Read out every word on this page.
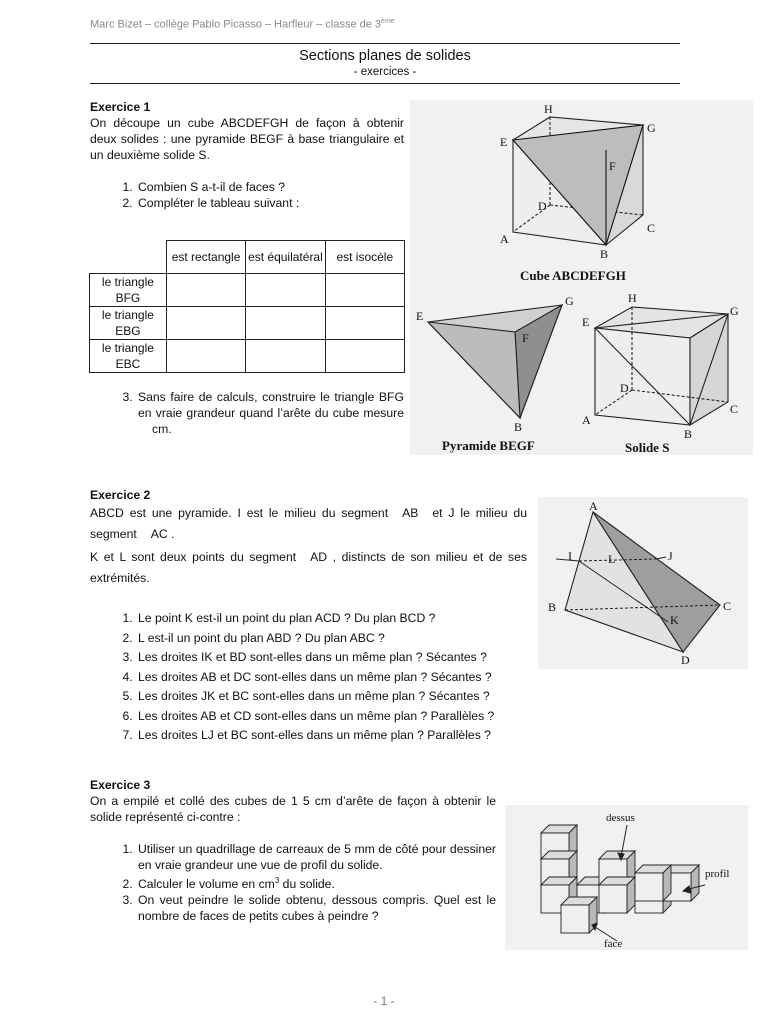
Marc Bizet – collège Pablo Picasso – Harfleur – classe de 3ème
Sections planes de solides
- exercices -
Exercice 1
On découpe un cube ABCDEFGH de façon à obtenir deux solides : une pyramide BEGF à base triangulaire et un deuxième solide S.
1. Combien S a-t-il de faces ?
2. Compléter le tableau suivant :
	est rectangle	est équilatéral	est isocèle
le triangle BFG			
le triangle EBG			
le triangle EBC			
3. Sans faire de calculs, construire le triangle BFG en vraie grandeur quand l’arête du cube mesurecm.
H
G
E
F
D
C
A
B
G
E
F
B
H
G
E
D
C
A
B
Cube ABCDEFGH
Pyramide BEGF	Solide S
Exercice 2
ABCD est une pyramide. I est le milieu du segment AB et J le milieu du segment AC .
K et L sont deux points du segment AD , distincts de son milieu et de ses extrémités.
1. Le point K est-il un point du plan ACD ? Du plan BCD ?
2. L est-il un point du plan ABD ? Du plan ABC ?
3. Les droites IK et BD sont-elles dans un même plan ? Sécantes ?
4. Les droites AB et DC sont-elles dans un même plan ? Sécantes ?
5. Les droites JK et BC sont-elles dans un même plan ? Sécantes ?
6. Les droites AB et CD sont-elles dans un même plan ? Parallèles ?
7. Les droites LJ et BC sont-elles dans un même plan ? Parallèles ?
A
B	C
D
I	J
K
L
Exercice 3
On a empilé et collé des cubes de 1 5 cm d’arête de façon à obtenir le solide représenté ci-contre :
1. Utiliser un quadrillage de carreaux de 5 mm de côté pour dessiner en vraie grandeur une vue de profil du solide.
2. Calculer le volume en $cm^3$ du solide.
3. On veut peindre le solide obtenu, dessous compris. Quel est le nombre de faces de petits cubes à peindre ?
dessus
profil
face
- 1 -
